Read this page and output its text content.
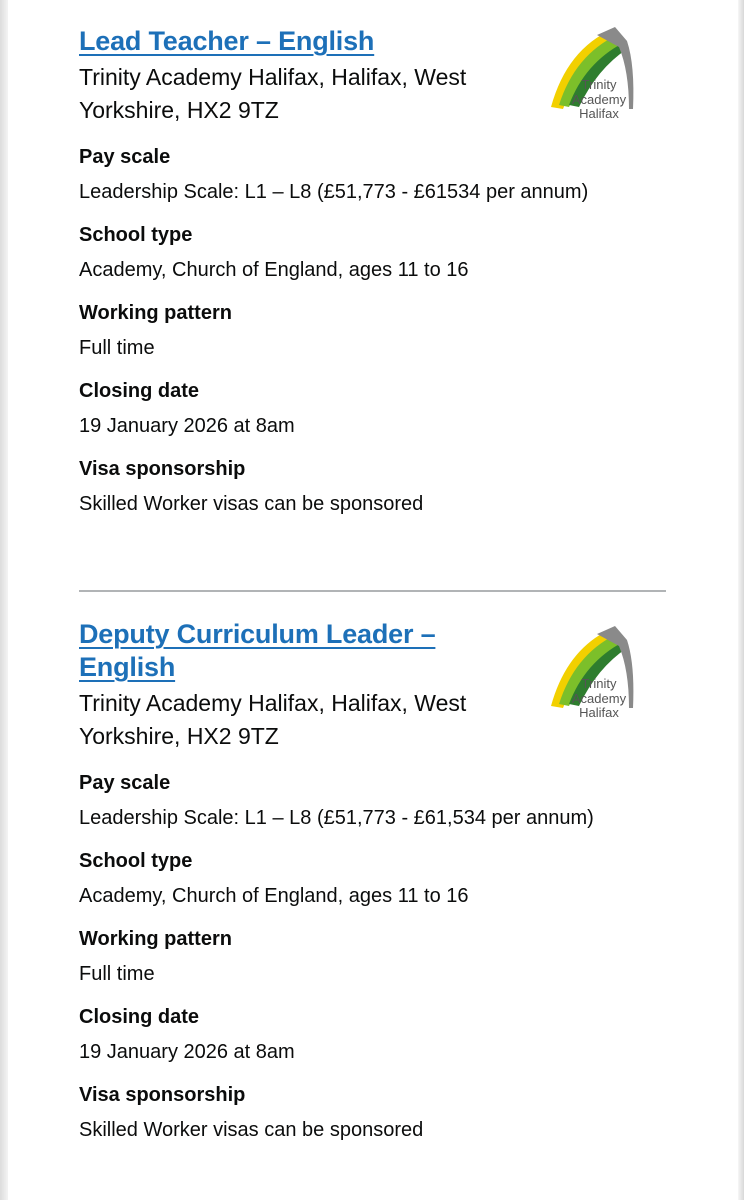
Lead Teacher – English
Trinity Academy Halifax, Halifax, West Yorkshire, HX2 9TZ
Trinity
Academy
Halifax
Pay scale
Leadership Scale: L1 – L8 (£51,773 - £61534 per annum)
School type
Academy, Church of England, ages 11 to 16
Working pattern
Full time
Closing date
19 January 2026 at 8am
Visa sponsorship
Skilled Worker visas can be sponsored
Deputy Curriculum Leader – English
Trinity Academy Halifax, Halifax, West Yorkshire, HX2 9TZ
Trinity
Academy
Halifax
Pay scale
Leadership Scale: L1 – L8 (£51,773 - £61,534 per annum)
School type
Academy, Church of England, ages 11 to 16
Working pattern
Full time
Closing date
19 January 2026 at 8am
Visa sponsorship
Skilled Worker visas can be sponsored
